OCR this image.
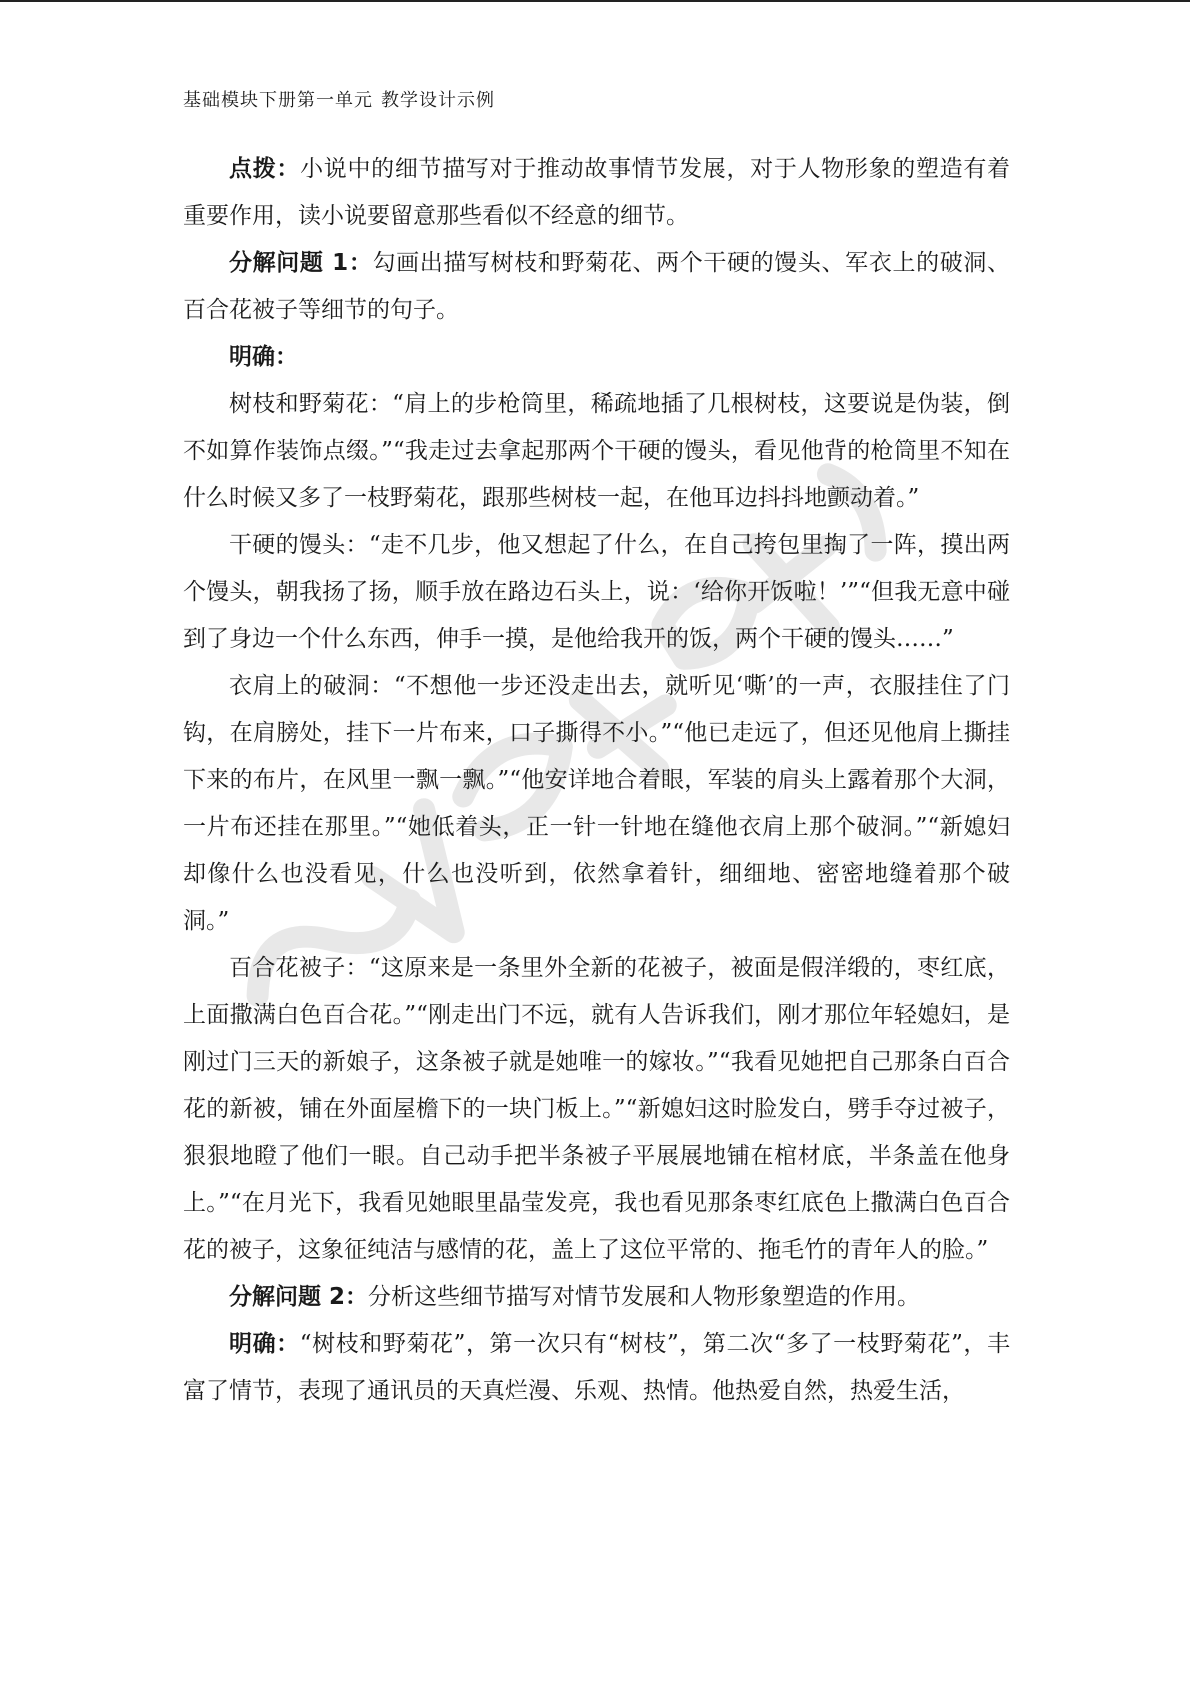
基础模块下册第一单元 教学设计示例

点拨：小说中的细节描写对于推动故事情节发展，对于人物形象的塑造有着重要作用，读小说要留意那些看似不经意的细节。

分解问题 1：勾画出描写树枝和野菊花、两个干硬的馒头、军衣上的破洞、百合花被子等细节的句子。

明确：

树枝和野菊花：“肩上的步枪筒里，稀疏地插了几根树枝，这要说是伪装，倒不如算作装饰点缀。”“我走过去拿起那两个干硬的馒头，看见他背的枪筒里不知在什么时候又多了一枝野菊花，跟那些树枝一起，在他耳边抖抖地颤动着。”

干硬的馒头：“走不几步，他又想起了什么，在自己挎包里掏了一阵，摸出两个馒头，朝我扬了扬，顺手放在路边石头上，说：‘给你开饭啦！’”“但我无意中碰到了身边一个什么东西，伸手一摸，是他给我开的饭，两个干硬的馒头……”

衣肩上的破洞：“不想他一步还没走出去，就听见‘嘶’的一声，衣服挂住了门钩，在肩膀处，挂下一片布来，口子撕得不小。”“他已走远了，但还见他肩上撕挂下来的布片，在风里一飘一飘。”“他安详地合着眼，军装的肩头上露着那个大洞，一片布还挂在那里。”“她低着头，正一针一针地在缝他衣肩上那个破洞。”“新媳妇却像什么也没看见，什么也没听到，依然拿着针，细细地、密密地缝着那个破洞。”

百合花被子：“这原来是一条里外全新的花被子，被面是假洋缎的，枣红底，上面撒满白色百合花。”“刚走出门不远，就有人告诉我们，刚才那位年轻媳妇，是刚过门三天的新娘子，这条被子就是她唯一的嫁妆。”“我看见她把自己那条白百合花的新被，铺在外面屋檐下的一块门板上。”“新媳妇这时脸发白，劈手夺过被子，狠狠地瞪了他们一眼。自己动手把半条被子平展展地铺在棺材底，半条盖在他身上。”“在月光下，我看见她眼里晶莹发亮，我也看见那条枣红底色上撒满白色百合花的被子，这象征纯洁与感情的花，盖上了这位平常的、拖毛竹的青年人的脸。”

分解问题 2：分析这些细节描写对情节发展和人物形象塑造的作用。

明确：“树枝和野菊花”，第一次只有“树枝”，第二次“多了一枝野菊花”，丰富了情节，表现了通讯员的天真烂漫、乐观、热情。他热爱自然，热爱生活，
